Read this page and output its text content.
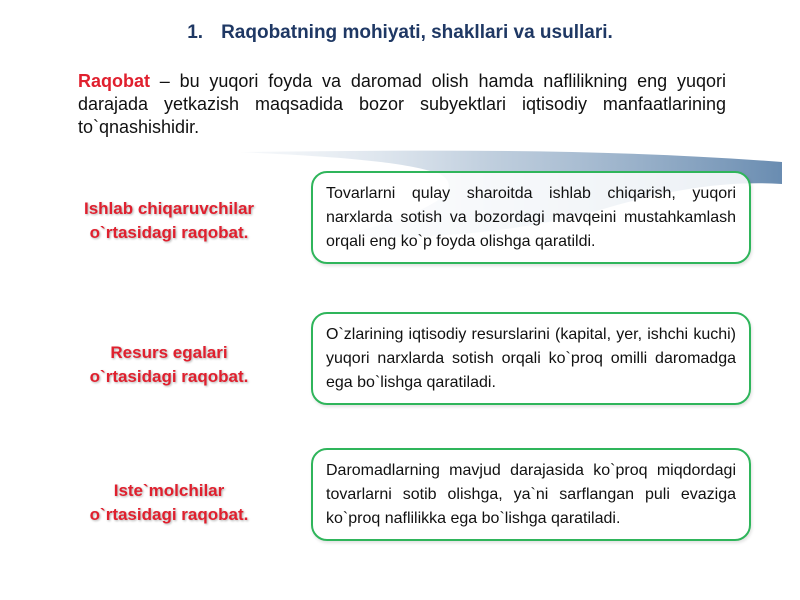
1. Raqobatning mohiyati, shakllari va usullari.
Raqobat – bu yuqori foyda va daromad olish hamda naflilikning eng yuqori darajada yetkazish maqsadida bozor subyektlari iqtisodiy manfaatlarining to`qnashishidir.
Ishlab chiqaruvchilar
o`rtasidagi raqobat.
Tovarlarni qulay sharoitda ishlab chiqarish, yuqori narxlarda sotish va bozordagi mavqeini mustahkamlash orqali eng ko`p foyda olishga qaratildi.
Resurs egalari
o`rtasidagi raqobat.
O`zlarining iqtisodiy resurslarini (kapital, yer, ishchi kuchi) yuqori narxlarda sotish orqali ko`proq omilli daromadga ega bo`lishga qaratiladi.
Iste`molchilar
o`rtasidagi raqobat.
Daromadlarning mavjud darajasida ko`proq miqdordagi tovarlarni sotib olishga, ya`ni sarflangan puli evaziga ko`proq naflilikka ega bo`lishga qaratiladi.
